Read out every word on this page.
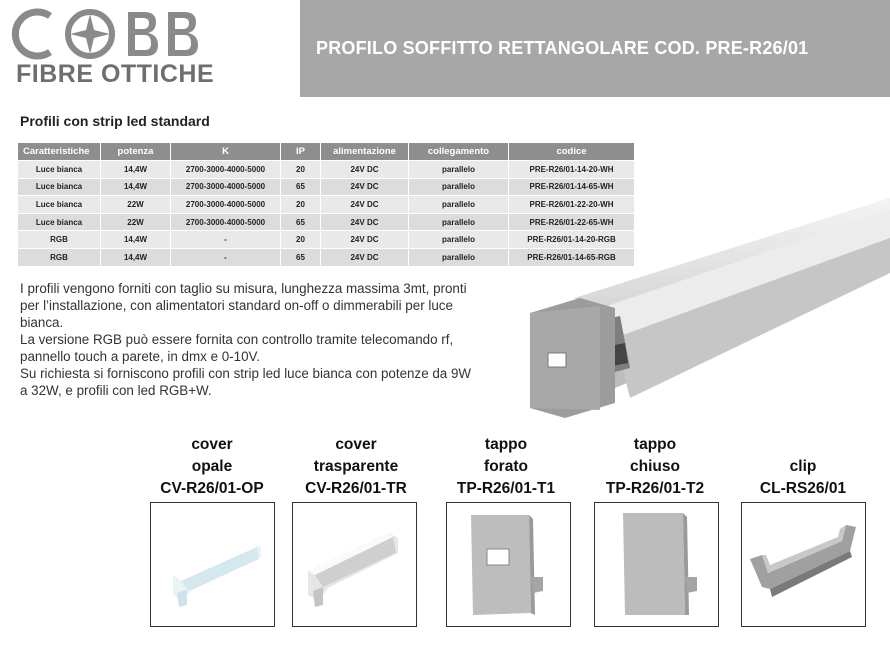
FIBRE OTTICHE
PROFILO SOFFITTO RETTANGOLARE COD. PRE-R26/01
Profili con strip led standard
Caratteristiche	potenza	K	IP	alimentazione	collegamento	codice
Luce bianca	14,4W	2700-3000-4000-5000	20	24V DC	parallelo	PRE-R26/01-14-20-WH
Luce bianca	14,4W	2700-3000-4000-5000	65	24V DC	parallelo	PRE-R26/01-14-65-WH
Luce bianca	22W	2700-3000-4000-5000	20	24V DC	parallelo	PRE-R26/01-22-20-WH
Luce bianca	22W	2700-3000-4000-5000	65	24V DC	parallelo	PRE-R26/01-22-65-WH
RGB	14,4W	-	20	24V DC	parallelo	PRE-R26/01-14-20-RGB
RGB	14,4W	-	65	24V DC	parallelo	PRE-R26/01-14-65-RGB

I profili vengono forniti con taglio su misura, lunghezza massima 3mt, pronti

per l’installazione, con alimentatori standard on-off o dimmerabili per luce

bianca.

La versione RGB può essere fornita con controllo tramite telecomando rf,

pannello touch a parete, in dmx e 0-10V.

Su richiesta si forniscono profili con strip led luce bianca con potenze da 9W

a 32W, e profili con led RGB+W.

cover
opale
CV-R26/01-OP
cover
trasparente
CV-R26/01-TR
tappo
forato
TP-R26/01-T1
tappo
chiuso
TP-R26/01-T2
clip
CL-RS26/01
